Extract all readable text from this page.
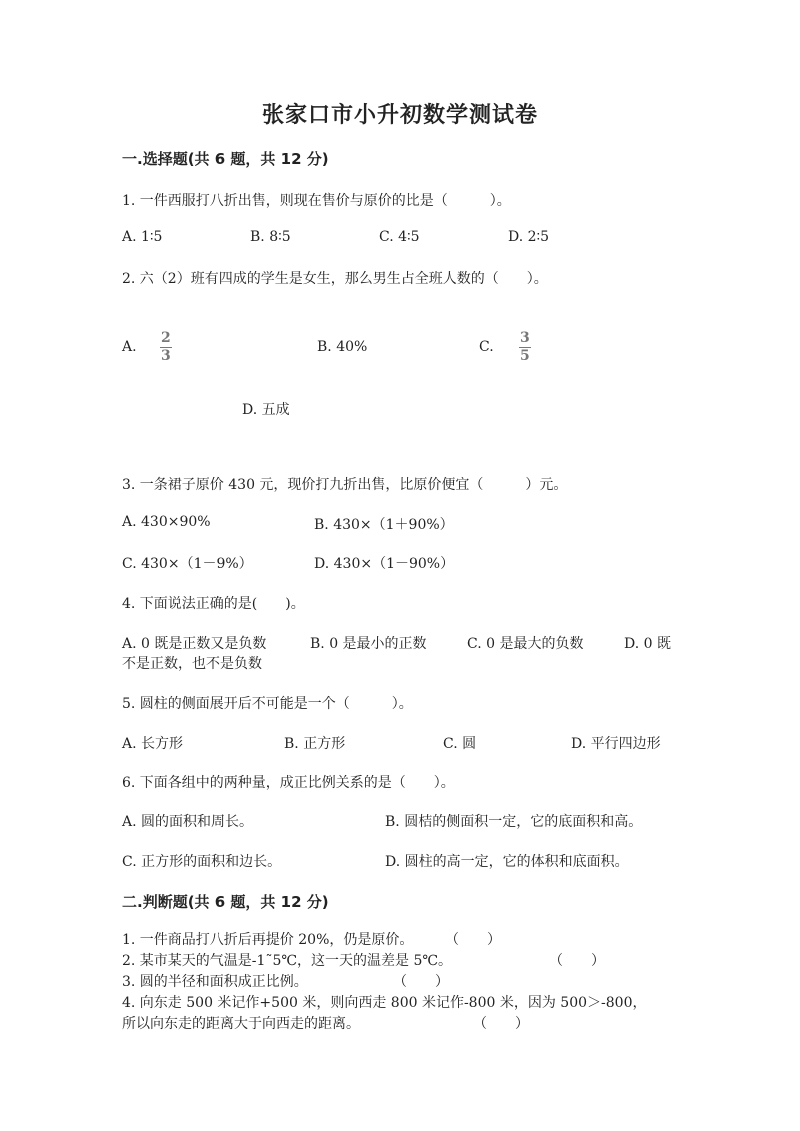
张家口市小升初数学测试卷
一.选择题(共 6 题，共 12 分)
1. 一件西服打八折出售，则现在售价与原价的比是（　　　）。
A. 1∶5	B. 8∶5	C. 4∶5	D. 2∶5
2. 六（2）班有四成的学生是女生，那么男生占全班人数的（　　）。
A. $\frac{2}{3}$	B. 40%	C. $\frac{3}{5}$
D. 五成
3. 一条裙子原价 430 元，现价打九折出售，比原价便宜（　　　）元。
A. 430×90%	B. 430×（1＋90%）
C. 430×（1－9%）	D. 430×（1－90%）
4. 下面说法正确的是(　　)。
A. 0 既是正数又是负数	B. 0 是最小的正数	C. 0 是最大的负数	D. 0 既
不是正数，也不是负数
5. 圆柱的侧面展开后不可能是一个（　　　）。
A. 长方形	B. 正方形	C. 圆	D. 平行四边形
6. 下面各组中的两种量，成正比例关系的是（　　）。
A. 圆的面积和周长。	B. 圆桔的侧面积一定，它的底面积和高。
C. 正方形的面积和边长。	D. 圆柱的高一定，它的体积和底面积。
二.判断题(共 6 题，共 12 分)
1. 一件商品打八折后再提价 20%，仍是原价。 （　　）
2. 某市某天的气温是-1˜5℃，这一天的温差是 5℃。	（　　）
3. 圆的半径和面积成正比例。	（　　）
4. 向东走 500 米记作+500 米，则向西走 800 米记作-800 米，因为 500＞-800，
所以向东走的距离大于向西走的距离。	（　　）
